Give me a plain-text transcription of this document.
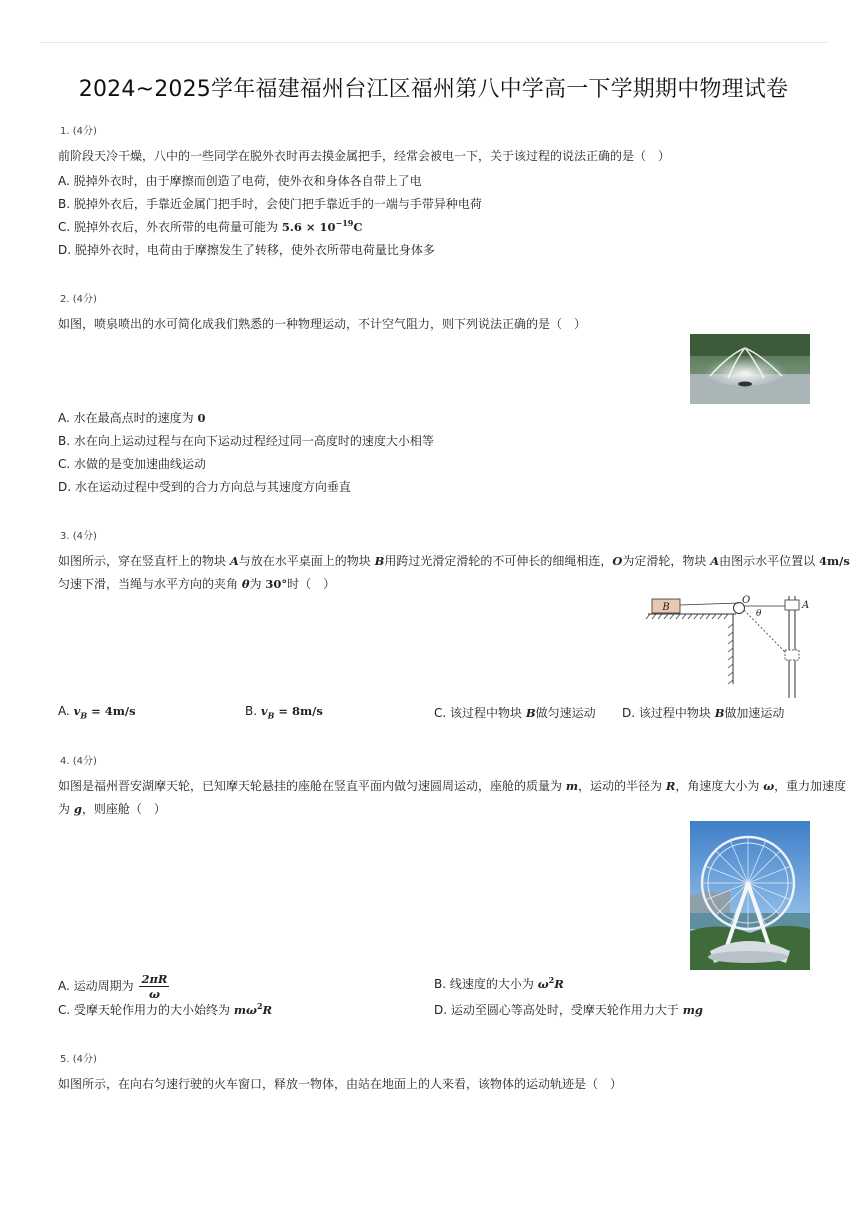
2024~2025学年福建福州台江区福州第八中学高一下学期期中物理试卷
1. (4分)
前阶段天冷干燥，八中的一些同学在脱外衣时再去摸金属把手，经常会被电一下，关于该过程的说法正确的是（　）
A. 脱掉外衣时，由于摩擦而创造了电荷，使外衣和身体各自带上了电
B. 脱掉外衣后，手靠近金属门把手时，会使门把手靠近手的一端与手带异种电荷
C. 脱掉外衣后，外衣所带的电荷量可能为 $5.6 \times 10^{-19}C$
D. 脱掉外衣时，电荷由于摩擦发生了转移，使外衣所带电荷量比身体多
2. (4分)
如图，喷泉喷出的水可简化成我们熟悉的一种物理运动，不计空气阻力，则下列说法正确的是（　）
A. 水在最高点时的速度为 0
B. 水在向上运动过程与在向下运动过程经过同一高度时的速度大小相等
C. 水做的是变加速曲线运动
D. 水在运动过程中受到的合力方向总与其速度方向垂直
3. (4分)
如图所示，穿在竖直杆上的物块 A与放在水平桌面上的物块 B用跨过光滑定滑轮的不可伸长的细绳相连，O为定滑轮，物块 A由图示水平位置以 4m/s
匀速下滑，当绳与水平方向的夹角 θ为 30°时（　）
B
O
θ
A
A. $v_B = 4m/s$	B. $v_B = 8m/s$	C. 该过程中物块 B做匀速运动 D. 该过程中物块 B做加速运动
4. (4分)
如图是福州晋安湖摩天轮，已知摩天轮悬挂的座舱在竖直平面内做匀速圆周运动，座舱的质量为 m，运动的半径为 R，角速度大小为 ω，重力加速度
为 g，则座舱（　）
A. 运动周期为 $\frac{2\pi R}{\omega}$	B. 线速度的大小为 $\omega^2R$
C. 受摩天轮作用力的大小始终为 $m\omega^2R$	D. 运动至圆心等高处时，受摩天轮作用力大于 mg
5. (4分)
如图所示，在向右匀速行驶的火车窗口，释放一物体，由站在地面上的人来看，该物体的运动轨迹是（　）
